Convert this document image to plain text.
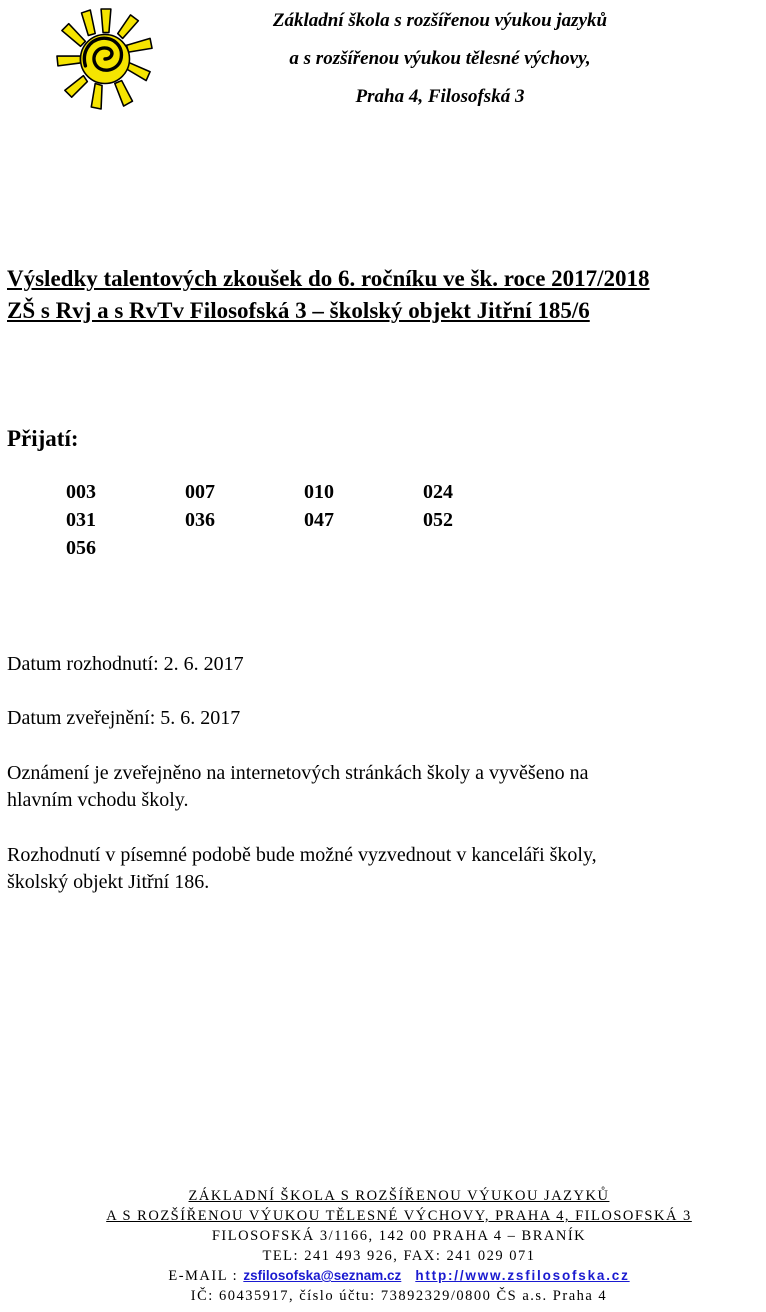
Základní škola s rozšířenou výukou jazyků
a s rozšířenou výukou tělesné výchovy,
Praha 4, Filosofská 3
Výsledky talentových zkoušek do 6. ročníku ve šk. roce 2017/2018
ZŠ s Rvj a s RvTv Filosofská 3 – školský objekt Jitřní 185/6
Přijatí:
003	007	010	024
031	036	047	052
056
Datum rozhodnutí: 2. 6. 2017
Datum zveřejnění: 5. 6. 2017
Oznámení je zveřejněno na internetových stránkách školy a vyvěšeno na
hlavním vchodu školy.
Rozhodnutí v písemné podobě bude možné vyzvednout v kanceláři školy,
školský objekt Jitřní 186.
ZÁKLADNÍ ŠKOLA S ROZŠÍŘENOU VÝUKOU JAZYKŮ
A S ROZŠÍŘENOU VÝUKOU TĚLESNÉ VÝCHOVY, PRAHA 4, FILOSOFSKÁ 3
FILOSOFSKÁ 3/1166, 142 00 PRAHA 4 – BRANÍK
TEL: 241 493 926, FAX: 241 029 071
E-MAIL : zsfilosofska@seznam.cz http://www.zsfilosofska.cz
IČ: 60435917, číslo účtu: 73892329/0800 ČS a.s. Praha 4
